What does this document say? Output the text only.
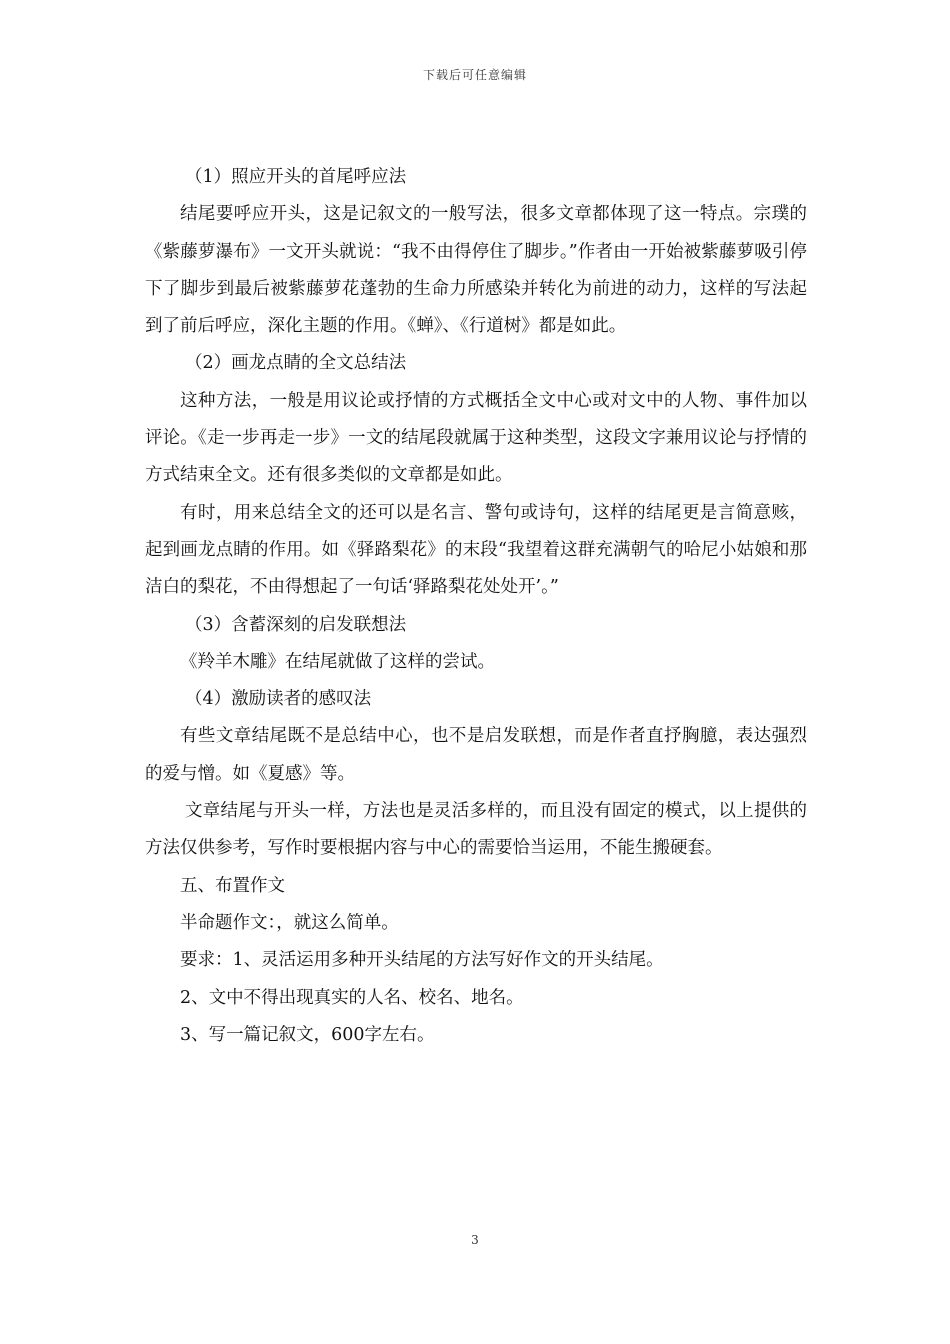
下载后可任意编辑

（1）照应开头的首尾呼应法

结尾要呼应开头，这是记叙文的一般写法，很多文章都体现了这一特点。宗璞的《紫藤萝瀑布》一文开头就说：“我不由得停住了脚步。”作者由一开始被紫藤萝吸引停下了脚步到最后被紫藤萝花蓬勃的生命力所感染并转化为前进的动力，这样的写法起到了前后呼应，深化主题的作用。《蝉》、《行道树》都是如此。

（2）画龙点睛的全文总结法

这种方法，一般是用议论或抒情的方式概括全文中心或对文中的人物、事件加以评论。《走一步再走一步》一文的结尾段就属于这种类型，这段文字兼用议论与抒情的方式结束全文。还有很多类似的文章都是如此。

有时，用来总结全文的还可以是名言、警句或诗句，这样的结尾更是言简意赅，起到画龙点睛的作用。如《驿路梨花》的末段“我望着这群充满朝气的哈尼小姑娘和那洁白的梨花，不由得想起了一句话‘驿路梨花处处开’。”

（3）含蓄深刻的启发联想法

《羚羊木雕》在结尾就做了这样的尝试。

（4）激励读者的感叹法

有些文章结尾既不是总结中心，也不是启发联想，而是作者直抒胸臆，表达强烈的爱与憎。如《夏感》等。

文章结尾与开头一样，方法也是灵活多样的，而且没有固定的模式，以上提供的方法仅供参考，写作时要根据内容与中心的需要恰当运用，不能生搬硬套。

五、布置作文

半命题作文：，就这么简单。

要求：1、灵活运用多种开头结尾的方法写好作文的开头结尾。

2、文中不得出现真实的人名、校名、地名。

3、写一篇记叙文，600字左右。

3
